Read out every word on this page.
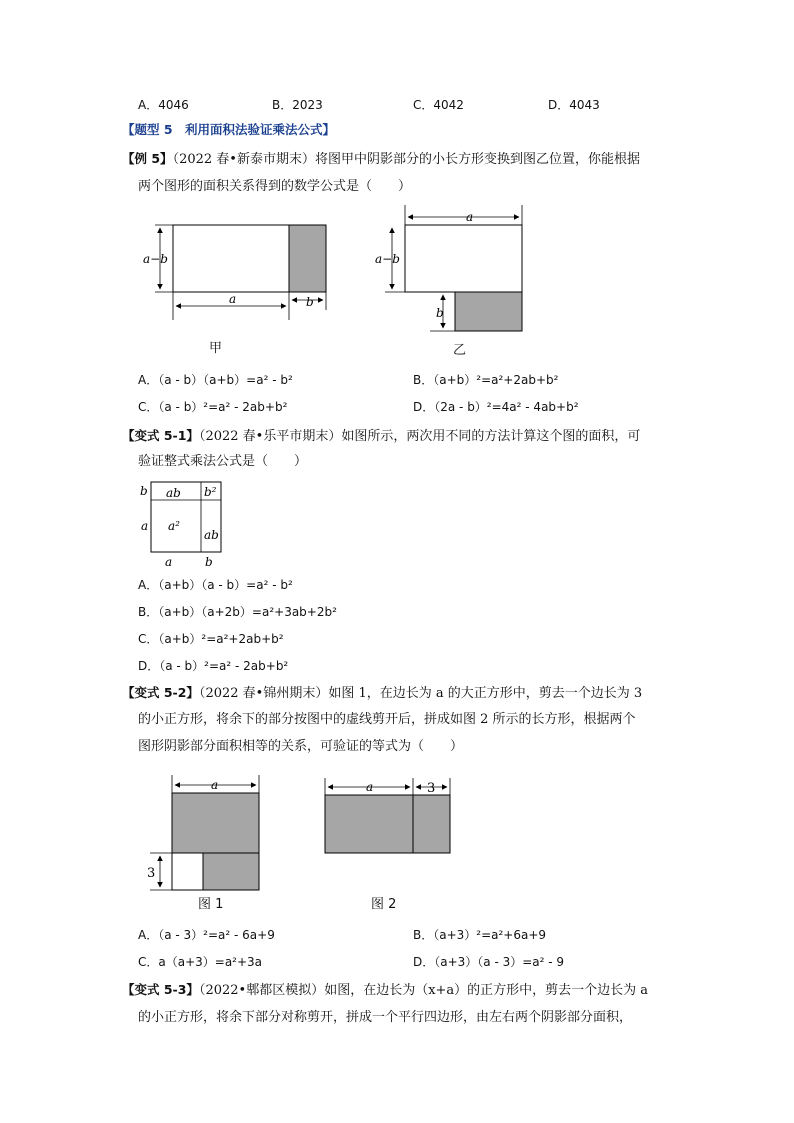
A．4046	B．2023	C．4042	D．4043
【题型 5　利用面积法验证乘法公式】
【例 5】（2022 春•新泰市期末）将图甲中阴影部分的小长方形变换到图乙位置，你能根据
两个图形的面积关系得到的数学公式是（　　）
a−b
a	b
a
a−b
b
甲	乙
A．（a - b）（a+b）=a² - b²	B．（a+b）²=a²+2ab+b²
C．（a - b）²=a² - 2ab+b²	D．（2a - b）²=4a² - 4ab+b²
【变式 5-1】（2022 春•乐平市期末）如图所示，两次用不同的方法计算这个图的面积，可
验证整式乘法公式是（　　）
ab b²
a²
ab
b
a
a	b
A．（a+b）（a - b）=a² - b²
B．（a+b）（a+2b）=a²+3ab+2b²
C．（a+b）²=a²+2ab+b²
D．（a - b）²=a² - 2ab+b²
【变式 5-2】（2022 春•锦州期末）如图 1，在边长为 a 的大正方形中，剪去一个边长为 3
的小正方形，将余下的部分按图中的虚线剪开后，拼成如图 2 所示的长方形，根据两个
图形阴影部分面积相等的关系，可验证的等式为（　　）
a
3
a	3
图 1	图 2
A．（a - 3）²=a² - 6a+9	B．（a+3）²=a²+6a+9
C．a（a+3）=a²+3a	D．（a+3）（a - 3）=a² - 9
【变式 5-3】（2022•郫都区模拟）如图，在边长为（x+a）的正方形中，剪去一个边长为 a
的小正方形，将余下部分对称剪开，拼成一个平行四边形，由左右两个阴影部分面积，
